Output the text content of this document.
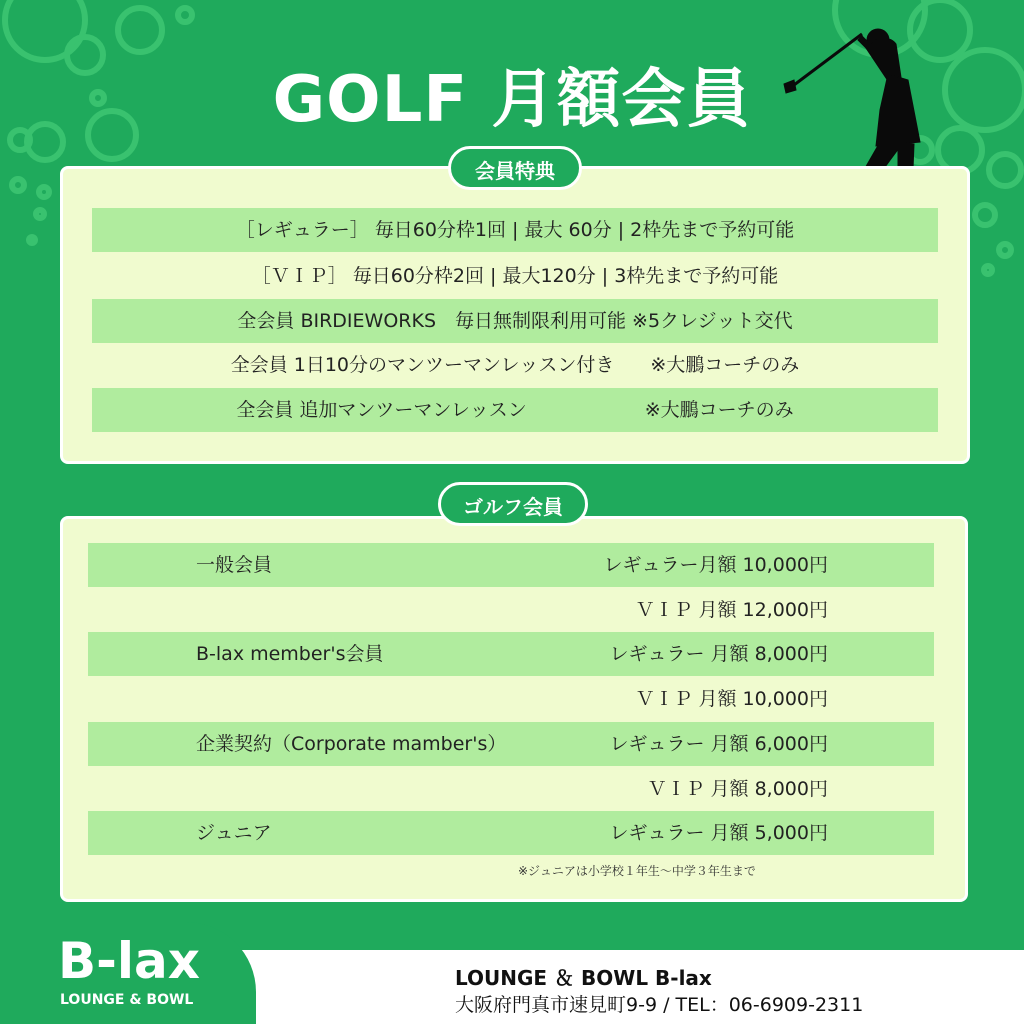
GOLF 月額会員
会員特典
［レギュラー］ 毎日60分枠1回 | 最大 60分 | 2枠先まで予約可能
［ＶＩＰ］ 毎日60分枠2回 | 最大120分 | 3枠先まで予約可能
全会員 BIRDIEWORKS　毎日無制限利用可能 ※5クレジット交代
全会員 1日10分のマンツーマンレッスン付き ※大鵬コーチのみ
全会員 追加マンツーマンレッスン	※大鵬コーチのみ
ゴルフ会員
一般会員	レギュラー月額 10,000円
ＶＩＰ 月額 12,000円
B-lax member's会員	レギュラー 月額 8,000円
ＶＩＰ 月額 10,000円
企業契約（Corporate mamber's）	レギュラー 月額 6,000円
ＶＩＰ 月額 8,000円
ジュニア	レギュラー 月額 5,000円
※ジュニアは小学校１年生〜中学３年生まで
B-lax
LOUNGE & BOWL
LOUNGE ＆ BOWL B-lax
大阪府門真市速見町9-9 / TEL：06-6909-2311
